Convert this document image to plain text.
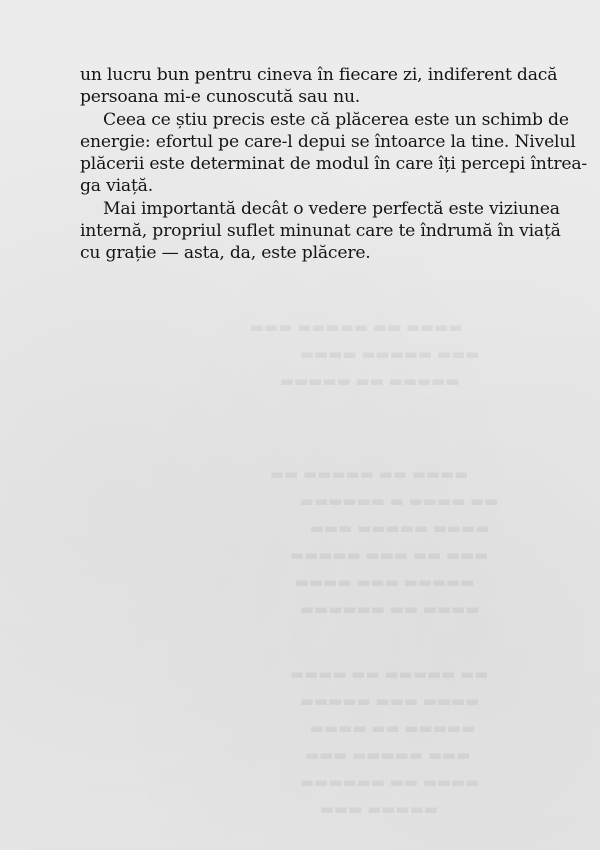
▬▬▬▬ ▬▬ ▬▬▬▬▬ ▬▬▬
▬▬▬ ▬▬▬▬▬ ▬▬▬▬
▬▬▬▬▬ ▬▬ ▬▬▬▬▬
▬▬▬▬ ▬▬ ▬▬▬▬▬ ▬▬
▬▬ ▬▬▬▬ ▬ ▬▬▬▬▬▬
▬▬▬▬ ▬▬▬▬▬ ▬▬▬
▬▬▬ ▬▬ ▬▬▬ ▬▬▬▬▬
▬▬▬▬▬ ▬▬▬ ▬▬▬▬
▬▬▬▬ ▬▬ ▬▬▬▬▬▬
▬▬ ▬▬▬▬▬ ▬▬ ▬▬▬▬
▬▬▬▬ ▬▬▬ ▬▬▬▬▬
▬▬▬▬▬ ▬▬ ▬▬▬▬
▬▬▬ ▬▬▬▬▬ ▬▬▬
▬▬▬▬ ▬▬ ▬▬▬▬▬▬
▬▬▬▬▬ ▬▬▬

un lucru bun pentru cineva în fiecare zi, indiferent dacă
persoana mi-e cunoscută sau nu.

Ceea ce știu precis este că plăcerea este un schimb de
energie: efortul pe care-l depui se întoarce la tine. Nivelul
plăcerii este determinat de modul în care îți percepi întrea-
ga viață.

Mai importantă decât o vedere perfectă este viziunea
internă, propriul suflet minunat care te îndrumă în viață
cu grație — asta, da, este plăcere.
